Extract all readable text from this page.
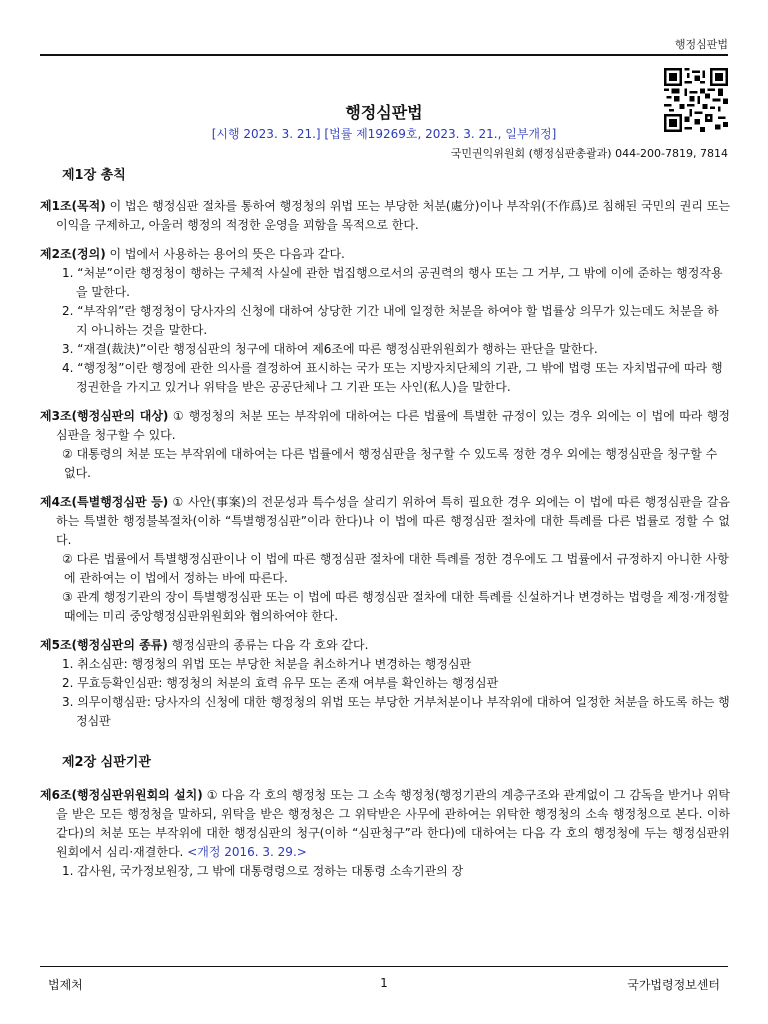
행정심판법
행정심판법
[시행 2023. 3. 21.] [법률 제19269호, 2023. 3. 21., 일부개정]
국민권익위원회 (행정심판총괄과) 044-200-7819, 7814
제1장 총칙

제1조(목적) 이 법은 행정심판 절차를 통하여 행정청의 위법 또는 부당한 처분(處分)이나 부작위(不作爲)로 침해된 국민의 권리 또는 이익을 구제하고, 아울러 행정의 적정한 운영을 꾀함을 목적으로 한다.

제2조(정의) 이 법에서 사용하는 용어의 뜻은 다음과 같다.

1. “처분”이란 행정청이 행하는 구체적 사실에 관한 법집행으로서의 공권력의 행사 또는 그 거부, 그 밖에 이에 준하는 행정작용을 말한다.

2. “부작위”란 행정청이 당사자의 신청에 대하여 상당한 기간 내에 일정한 처분을 하여야 할 법률상 의무가 있는데도 처분을 하지 아니하는 것을 말한다.

3. “재결(裁決)”이란 행정심판의 청구에 대하여 제6조에 따른 행정심판위원회가 행하는 판단을 말한다.

4. “행정청”이란 행정에 관한 의사를 결정하여 표시하는 국가 또는 지방자치단체의 기관, 그 밖에 법령 또는 자치법규에 따라 행정권한을 가지고 있거나 위탁을 받은 공공단체나 그 기관 또는 사인(私人)을 말한다.

제3조(행정심판의 대상) ① 행정청의 처분 또는 부작위에 대하여는 다른 법률에 특별한 규정이 있는 경우 외에는 이 법에 따라 행정심판을 청구할 수 있다.

② 대통령의 처분 또는 부작위에 대하여는 다른 법률에서 행정심판을 청구할 수 있도록 정한 경우 외에는 행정심판을 청구할 수 없다.

제4조(특별행정심판 등) ① 사안(事案)의 전문성과 특수성을 살리기 위하여 특히 필요한 경우 외에는 이 법에 따른 행정심판을 갈음하는 특별한 행정불복절차(이하 “특별행정심판”이라 한다)나 이 법에 따른 행정심판 절차에 대한 특례를 다른 법률로 정할 수 없다.

② 다른 법률에서 특별행정심판이나 이 법에 따른 행정심판 절차에 대한 특례를 정한 경우에도 그 법률에서 규정하지 아니한 사항에 관하여는 이 법에서 정하는 바에 따른다.

③ 관계 행정기관의 장이 특별행정심판 또는 이 법에 따른 행정심판 절차에 대한 특례를 신설하거나 변경하는 법령을 제정·개정할 때에는 미리 중앙행정심판위원회와 협의하여야 한다.

제5조(행정심판의 종류) 행정심판의 종류는 다음 각 호와 같다.

1. 취소심판: 행정청의 위법 또는 부당한 처분을 취소하거나 변경하는 행정심판

2. 무효등확인심판: 행정청의 처분의 효력 유무 또는 존재 여부를 확인하는 행정심판

3. 의무이행심판: 당사자의 신청에 대한 행정청의 위법 또는 부당한 거부처분이나 부작위에 대하여 일정한 처분을 하도록 하는 행정심판

제2장 심판기관

제6조(행정심판위원회의 설치) ① 다음 각 호의 행정청 또는 그 소속 행정청(행정기관의 계층구조와 관계없이 그 감독을 받거나 위탁을 받은 모든 행정청을 말하되, 위탁을 받은 행정청은 그 위탁받은 사무에 관하여는 위탁한 행정청의 소속 행정청으로 본다. 이하 같다)의 처분 또는 부작위에 대한 행정심판의 청구(이하 “심판청구”라 한다)에 대하여는 다음 각 호의 행정청에 두는 행정심판위원회에서 심리·재결한다. <개정 2016. 3. 29.>

1. 감사원, 국가정보원장, 그 밖에 대통령령으로 정하는 대통령 소속기관의 장

법제처	1	국가법령정보센터
